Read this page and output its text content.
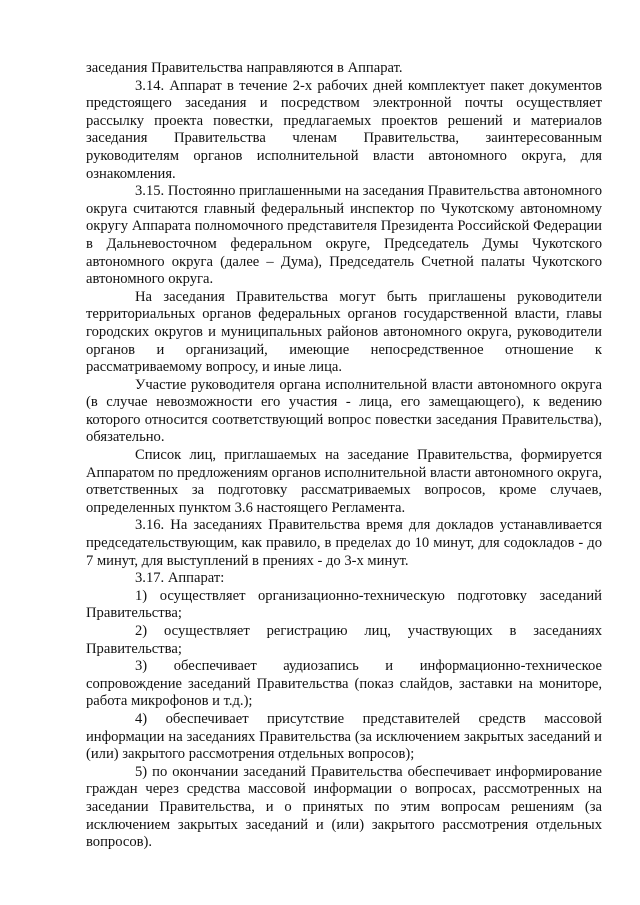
заседания Правительства направляются в Аппарат.

3.14. Аппарат в течение 2-х рабочих дней комплектует пакет документов предстоящего заседания и посредством электронной почты осуществляет рассылку проекта повестки, предлагаемых проектов решений и материалов заседания Правительства членам Правительства, заинтересованным руководителям органов исполнительной власти автономного округа, для ознакомления.

3.15. Постоянно приглашенными на заседания Правительства автономного округа считаются главный федеральный инспектор по Чукотскому автономному округу Аппарата полномочного представителя Президента Российской Федерации в Дальневосточном федеральном округе, Председатель Думы Чукотского автономного округа (далее – Дума), Председатель Счетной палаты Чукотского автономного округа.

На заседания Правительства могут быть приглашены руководители территориальных органов федеральных органов государственной власти, главы городских округов и муниципальных районов автономного округа, руководители органов и организаций, имеющие непосредственное отношение к рассматриваемому вопросу, и иные лица.

Участие руководителя органа исполнительной власти автономного округа (в случае невозможности его участия - лица, его замещающего), к ведению которого относится соответствующий вопрос повестки заседания Правительства), обязательно.

Список лиц, приглашаемых на заседание Правительства, формируется Аппаратом по предложениям органов исполнительной власти автономного округа, ответственных за подготовку рассматриваемых вопросов, кроме случаев, определенных пунктом 3.6 настоящего Регламента.

3.16. На заседаниях Правительства время для докладов устанавливается председательствующим, как правило, в пределах до 10 минут, для содокладов - до 7 минут, для выступлений в прениях - до 3-х минут.

3.17. Аппарат:

1) осуществляет организационно-техническую подготовку заседаний Правительства;

2) осуществляет регистрацию лиц, участвующих в заседаниях Правительства;

3) обеспечивает аудиозапись и информационно-техническое сопровождение заседаний Правительства (показ слайдов, заставки на мониторе, работа микрофонов и т.д.);

4) обеспечивает присутствие представителей средств массовой информации на заседаниях Правительства (за исключением закрытых заседаний и (или) закрытого рассмотрения отдельных вопросов);

5) по окончании заседаний Правительства обеспечивает информирование граждан через средства массовой информации о вопросах, рассмотренных на заседании Правительства, и о принятых по этим вопросам решениям (за исключением закрытых заседаний и (или) закрытого рассмотрения отдельных вопросов).
